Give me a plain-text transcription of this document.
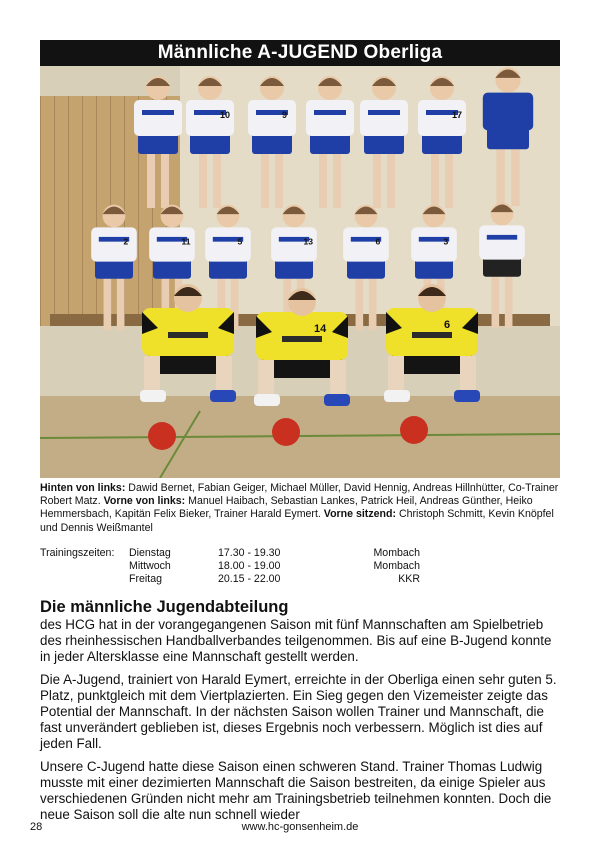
Männliche A-JUGEND Oberliga
10	9	17
2	11	5	13	6	3
14	6
Hinten von links: Dawid Bernet, Fabian Geiger, Michael Müller, David Hennig, Andreas Hillnhütter, Co-Trainer Robert Matz. Vorne von links: Manuel Haibach, Sebastian Lankes, Patrick Heil, Andreas Günther, Heiko Hemmersbach, Kapitän Felix Bieker, Trainer Harald Eymert. Vorne sitzend: Christoph Schmitt, Kevin Knöpfel und Dennis Weißmantel
Trainingszeiten: Dienstag	17.30 - 19.30	Mombach
Mittwoch	18.00 - 19.00	Mombach
Freitag	20.15 - 22.00	KKR
Die männliche Jugendabteilung

des HCG hat in der vorangegangenen Saison mit fünf Mannschaften am Spielbetrieb des rheinhessischen Handballverbandes teilgenommen. Bis auf eine B-Jugend konnte in jeder Altersklasse eine Mannschaft gestellt werden.

Die A-Jugend, trainiert von Harald Eymert, erreichte in der Oberliga einen sehr guten 5. Platz, punktgleich mit dem Viertplazierten. Ein Sieg gegen den Vizemeister zeigte das Potential der Mannschaft. In der nächsten Saison wollen Trainer und Mannschaft, die fast unverändert geblieben ist, dieses Ergebnis noch verbessern. Möglich ist dies auf jeden Fall.

Unsere C-Jugend hatte diese Saison einen schweren Stand. Trainer Thomas Ludwig musste mit einer dezimierten Mannschaft die Saison bestreiten, da einige Spieler aus verschiedenen Gründen nicht mehr am Trainingsbetrieb teilnehmen konnten. Doch die neue Saison soll die alte nun schnell wieder

28	www.hc-gonsenheim.de
